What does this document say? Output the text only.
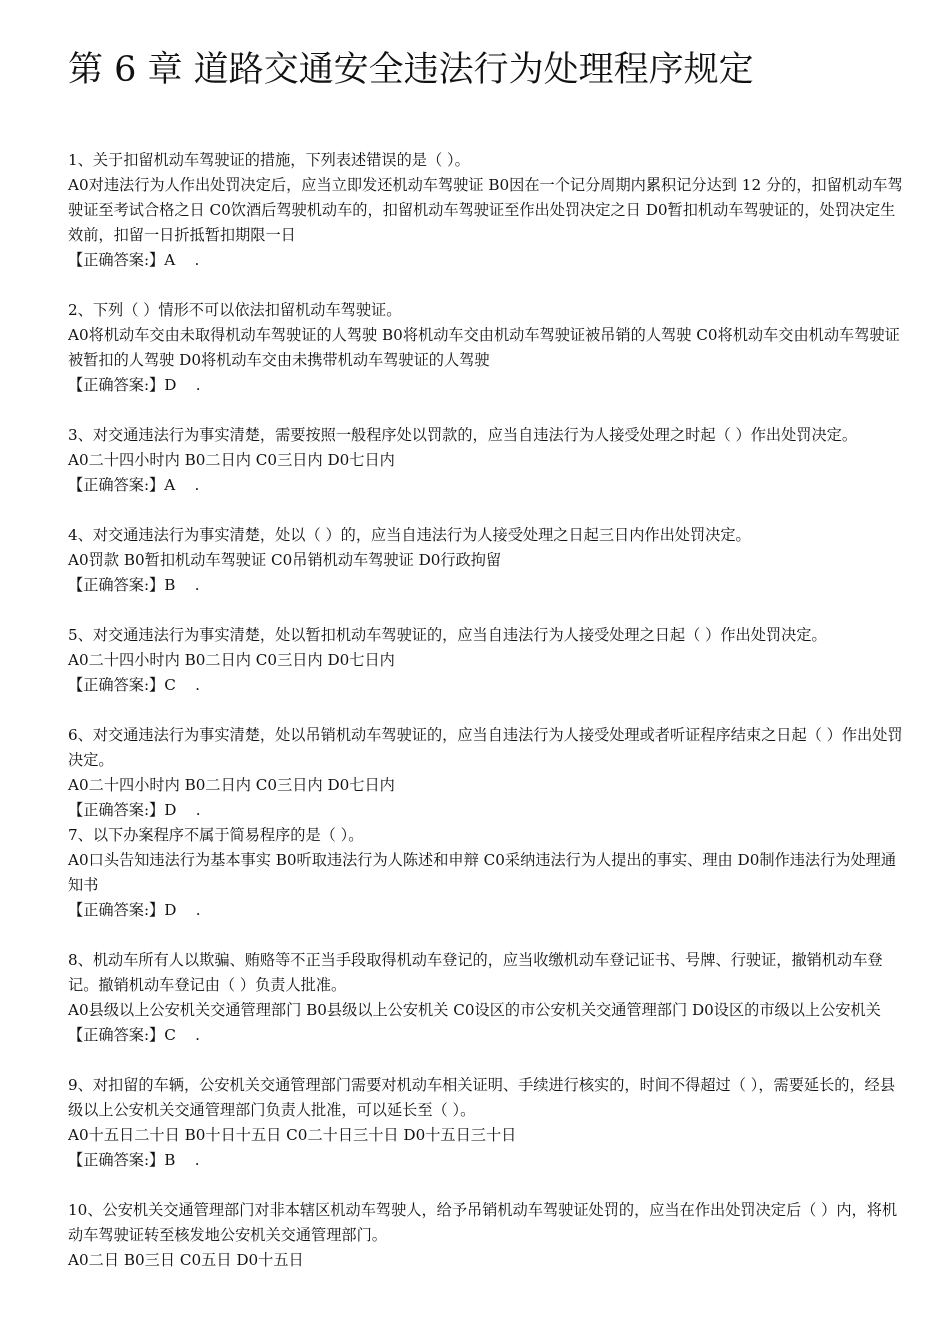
第 6 章 道路交通安全违法行为处理程序规定

1、关于扣留机动车驾驶证的措施，下列表述错误的是（ ）。

A0对违法行为人作出处罚决定后，应当立即发还机动车驾驶证 B0因在一个记分周期内累积记分达到 12 分的，扣留机动车驾驶证至考试合格之日 C0饮酒后驾驶机动车的，扣留机动车驾驶证至作出处罚决定之日 D0暂扣机动车驾驶证的，处罚决定生效前，扣留一日折抵暂扣期限一日

【正确答案:】A    .

2、下列（ ）情形不可以依法扣留机动车驾驶证。

A0将机动车交由未取得机动车驾驶证的人驾驶 B0将机动车交由机动车驾驶证被吊销的人驾驶 C0将机动车交由机动车驾驶证被暂扣的人驾驶 D0将机动车交由未携带机动车驾驶证的人驾驶

【正确答案:】D    .

3、对交通违法行为事实清楚，需要按照一般程序处以罚款的，应当自违法行为人接受处理之时起（ ）作出处罚决定。

A0二十四小时内 B0二日内 C0三日内 D0七日内

【正确答案:】A    .

4、对交通违法行为事实清楚，处以（ ）的，应当自违法行为人接受处理之日起三日内作出处罚决定。

A0罚款 B0暂扣机动车驾驶证 C0吊销机动车驾驶证 D0行政拘留

【正确答案:】B    .

5、对交通违法行为事实清楚，处以暂扣机动车驾驶证的，应当自违法行为人接受处理之日起（ ）作出处罚决定。

A0二十四小时内 B0二日内 C0三日内 D0七日内

【正确答案:】C    .

6、对交通违法行为事实清楚，处以吊销机动车驾驶证的，应当自违法行为人接受处理或者听证程序结束之日起（ ）作出处罚决定。

A0二十四小时内 B0二日内 C0三日内 D0七日内

【正确答案:】D    .

7、以下办案程序不属于简易程序的是（ ）。

A0口头告知违法行为基本事实 B0听取违法行为人陈述和申辩 C0采纳违法行为人提出的事实、理由 D0制作违法行为处理通知书

【正确答案:】D    .

8、机动车所有人以欺骗、贿赂等不正当手段取得机动车登记的，应当收缴机动车登记证书、号牌、行驶证，撤销机动车登记。撤销机动车登记由（ ）负责人批准。

A0县级以上公安机关交通管理部门 B0县级以上公安机关 C0设区的市公安机关交通管理部门 D0设区的市级以上公安机关

【正确答案:】C    .

9、对扣留的车辆，公安机关交通管理部门需要对机动车相关证明、手续进行核实的，时间不得超过（ ），需要延长的，经县级以上公安机关交通管理部门负责人批准，可以延长至（ ）。

A0十五日二十日 B0十日十五日 C0二十日三十日 D0十五日三十日

【正确答案:】B    .

10、公安机关交通管理部门对非本辖区机动车驾驶人，给予吊销机动车驾驶证处罚的，应当在作出处罚决定后（ ）内，将机动车驾驶证转至核发地公安机关交通管理部门。

A0二日 B0三日 C0五日 D0十五日
